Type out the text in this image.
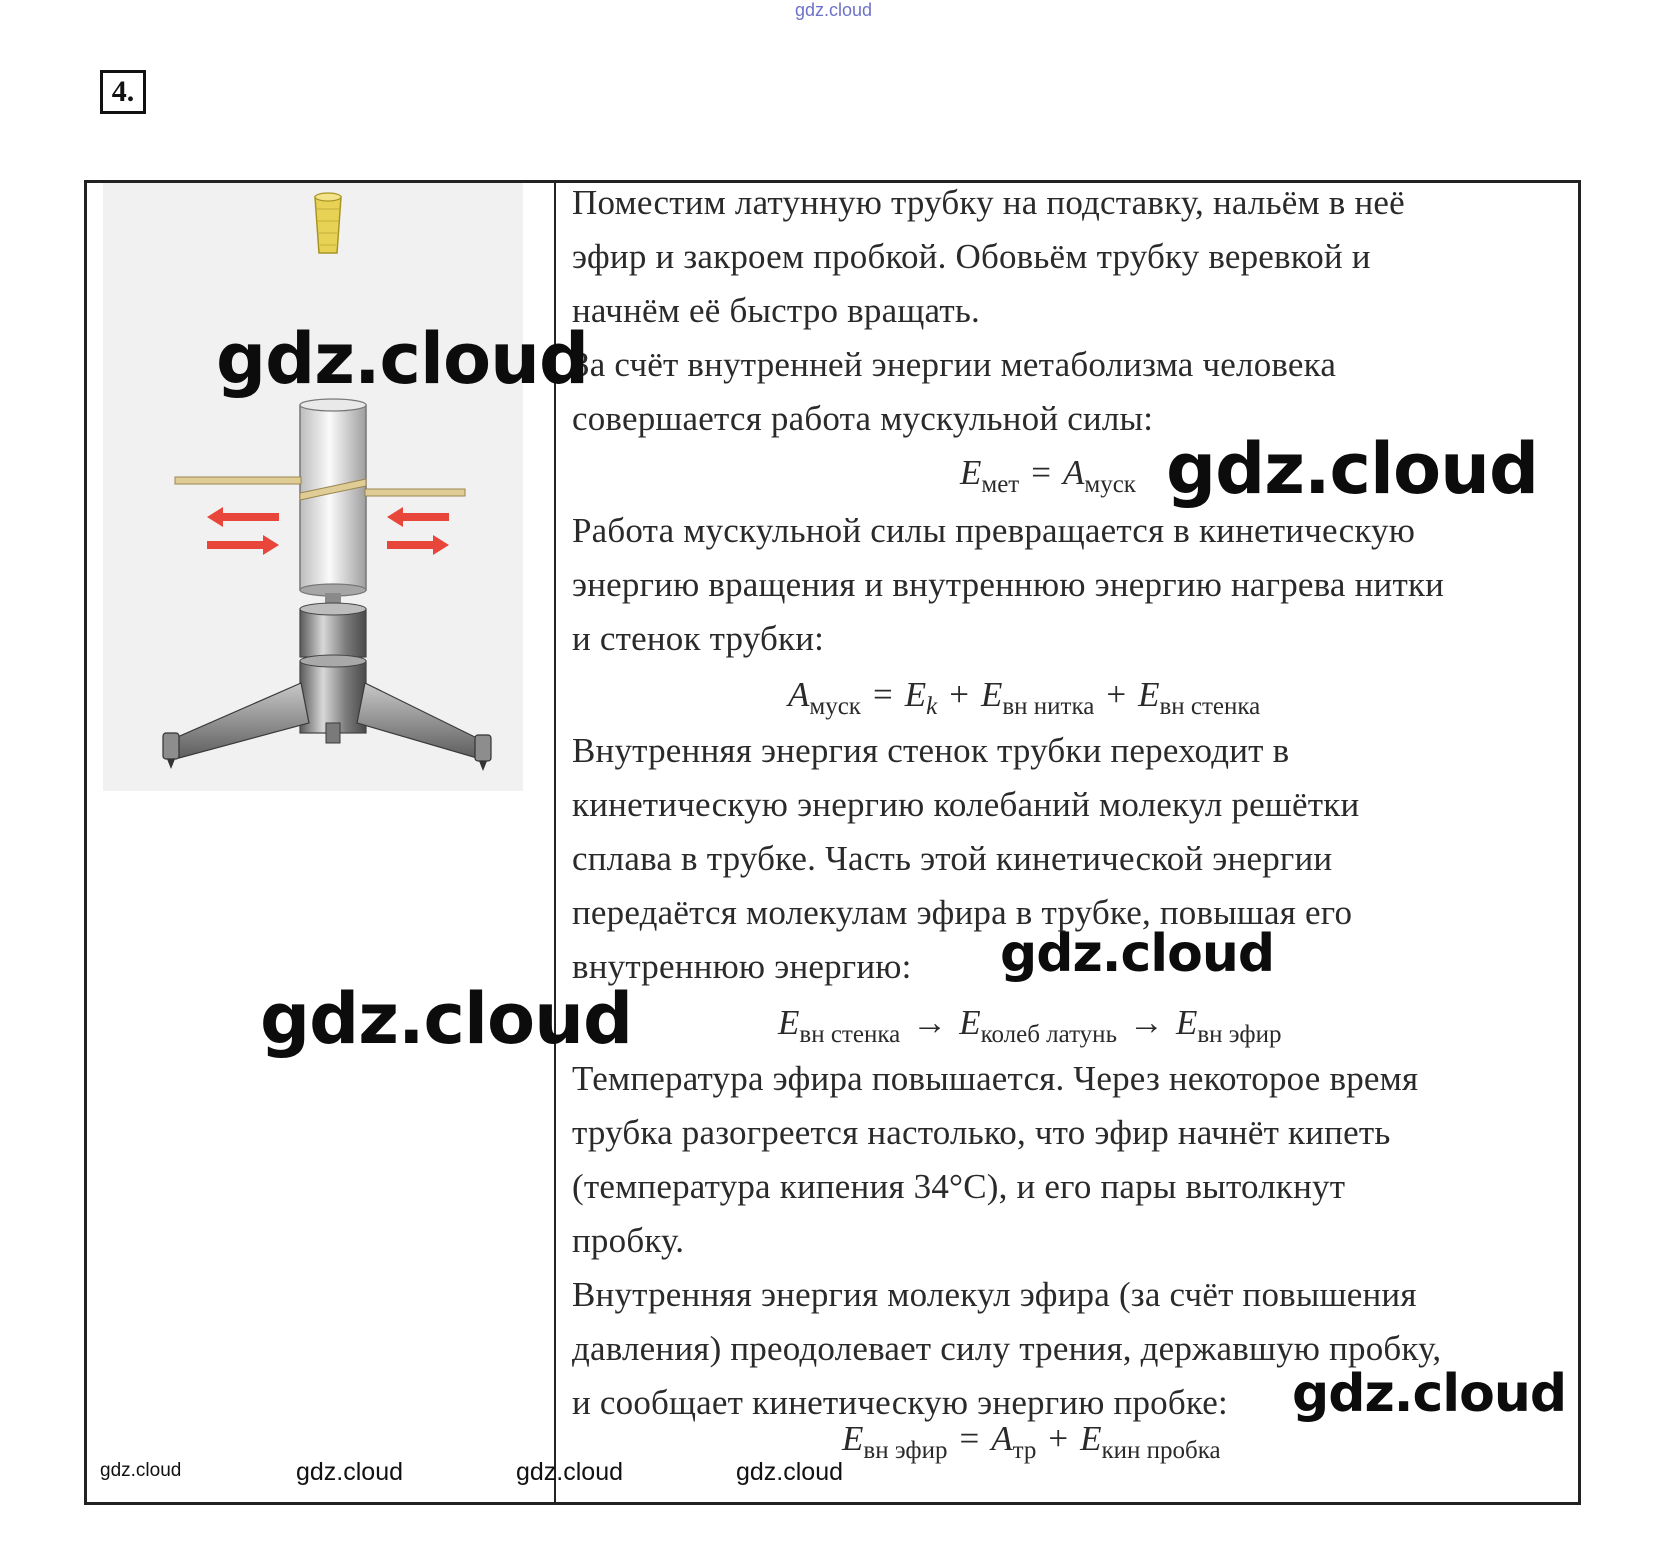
gdz.cloud
4.
Поместим латунную трубку на подставку, нальём в неё
эфир и закроем пробкой. Обовьём трубку веревкой и
начнём её быстро вращать.
За счёт внутренней энергии метаболизма человека
совершается работа мускульной силы:
Работа мускульной силы превращается в кинетическую
энергию вращения и внутреннюю энергию нагрева нитки
и стенок трубки:
Внутренняя энергия стенок трубки переходит в
кинетическую энергию колебаний молекул решётки
сплава в трубке. Часть этой кинетической энергии
передаётся молекулам эфира в трубке, повышая его
внутреннюю энергию:
Температура эфира повышается. Через некоторое время
трубка разогреется настолько, что эфир начнёт кипеть
(температура кипения 34°С), и его пары вытолкнут
пробку.
Внутренняя энергия молекул эфира (за счёт повышения
давления) преодолевает силу трения, державшую пробку,
и сообщает кинетическую энергию пробке:
$E_{мет} = A_{муск}$
$A_{муск} = E_k + E_{вн нитка} + E_{вн стенка}$
$E_{вн стенка} \to E_{колеб латунь} \to E_{вн эфир}$
$E_{вн эфир} = A_{тр} + E_{кин пробка}$
gdz.cloud
gdz.cloud
gdz.cloud
gdz.cloud
gdz.cloud
gdz.cloud	gdz.cloud	gdz.cloud	gdz.cloud
